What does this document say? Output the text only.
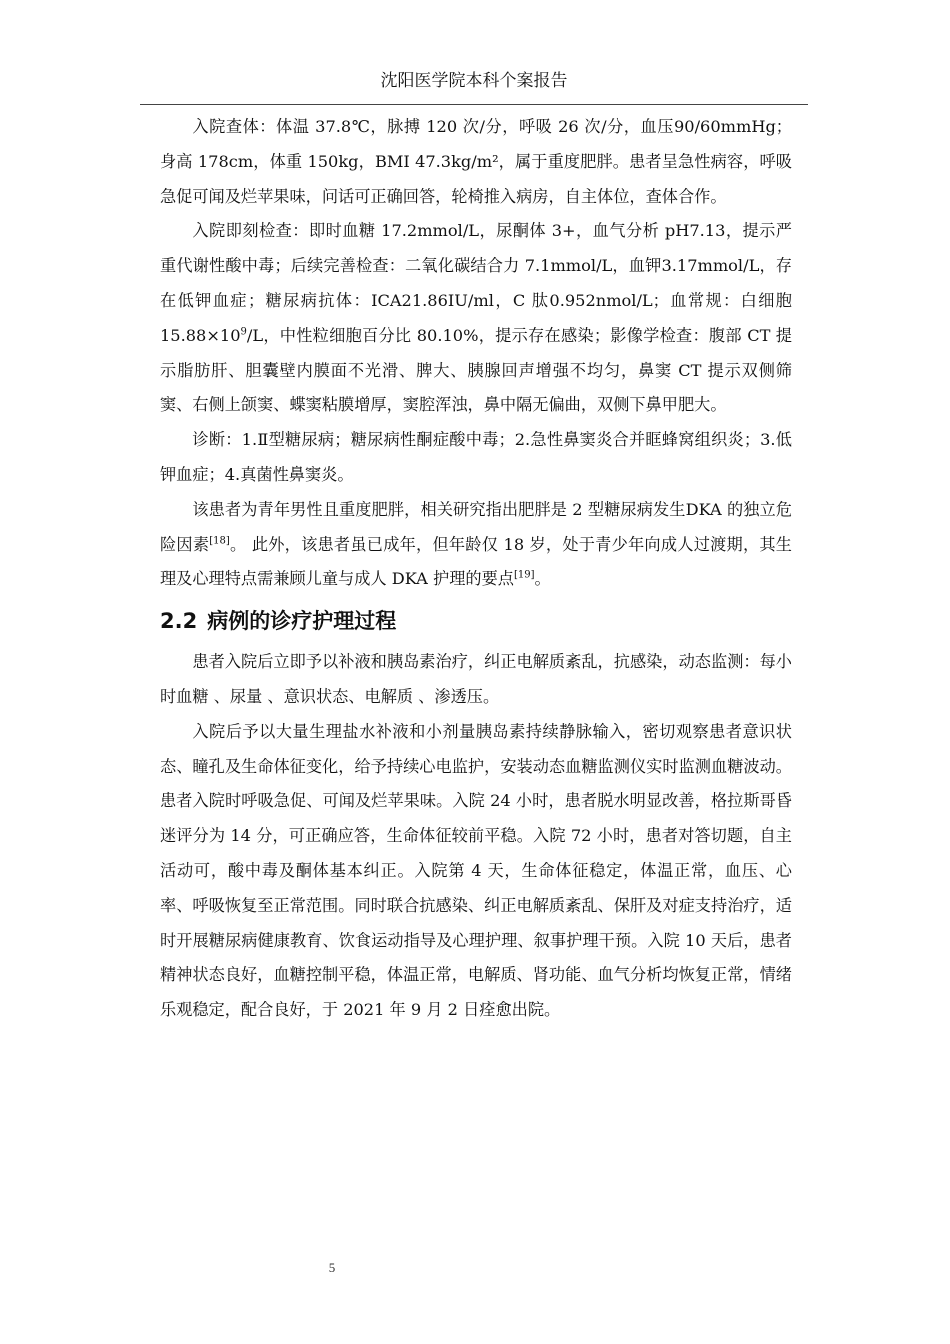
沈阳医学院本科个案报告

入院查体：体温 37.8℃，脉搏 120 次/分，呼吸 26 次/分，血压90/60mmHg；身高 178cm，体重 150kg，BMI 47.3kg/m²，属于重度肥胖。患者呈急性病容，呼吸急促可闻及烂苹果味，问话可正确回答，轮椅推入病房，自主体位，查体合作。

入院即刻检查：即时血糖 17.2mmol/L，尿酮体 3+，血气分析 pH7.13，提示严重代谢性酸中毒；后续完善检查：二氧化碳结合力 7.1mmol/L，血钾3.17mmol/L，存在低钾血症；糖尿病抗体：ICA21.86IU/ml，C 肽0.952nmol/L；血常规：白细胞 $15.88\times 10^9/L$，中性粒细胞百分比 80.10%，提示存在感染；影像学检查：腹部 CT 提示脂肪肝、胆囊壁内膜面不光滑、脾大、胰腺回声增强不均匀，鼻窦 CT 提示双侧筛窦、右侧上颌窦、蝶窦粘膜增厚，窦腔浑浊，鼻中隔无偏曲，双侧下鼻甲肥大。

诊断：1.Ⅱ型糖尿病；糖尿病性酮症酸中毒；2.急性鼻窦炎合并眶蜂窝组织炎；3.低钾血症；4.真菌性鼻窦炎。

该患者为青年男性且重度肥胖，相关研究指出肥胖是 2 型糖尿病发生DKA 的独立危险因素[18]。 此外，该患者虽已成年，但年龄仅 18 岁，处于青少年向成人过渡期，其生理及心理特点需兼顾儿童与成人 DKA 护理的要点[19]。

2.2 病例的诊疗护理过程

患者入院后立即予以补液和胰岛素治疗，纠正电解质紊乱，抗感染，动态监测：每小时血糖 、尿量 、意识状态、电解质 、渗透压。

入院后予以大量生理盐水补液和小剂量胰岛素持续静脉输入，密切观察患者意识状态、瞳孔及生命体征变化，给予持续心电监护，安装动态血糖监测仪实时监测血糖波动。患者入院时呼吸急促、可闻及烂苹果味。入院 24 小时，患者脱水明显改善，格拉斯哥昏迷评分为 14 分，可正确应答，生命体征较前平稳。入院 72 小时，患者对答切题，自主活动可，酸中毒及酮体基本纠正。入院第 4 天，生命体征稳定，体温正常，血压、心率、呼吸恢复至正常范围。同时联合抗感染、纠正电解质紊乱、保肝及对症支持治疗，适时开展糖尿病健康教育、饮食运动指导及心理护理、叙事护理干预。入院 10 天后，患者精神状态良好，血糖控制平稳，体温正常，电解质、肾功能、血气分析均恢复正常，情绪乐观稳定，配合良好，于 2021 年 9 月 2 日痊愈出院。

5
